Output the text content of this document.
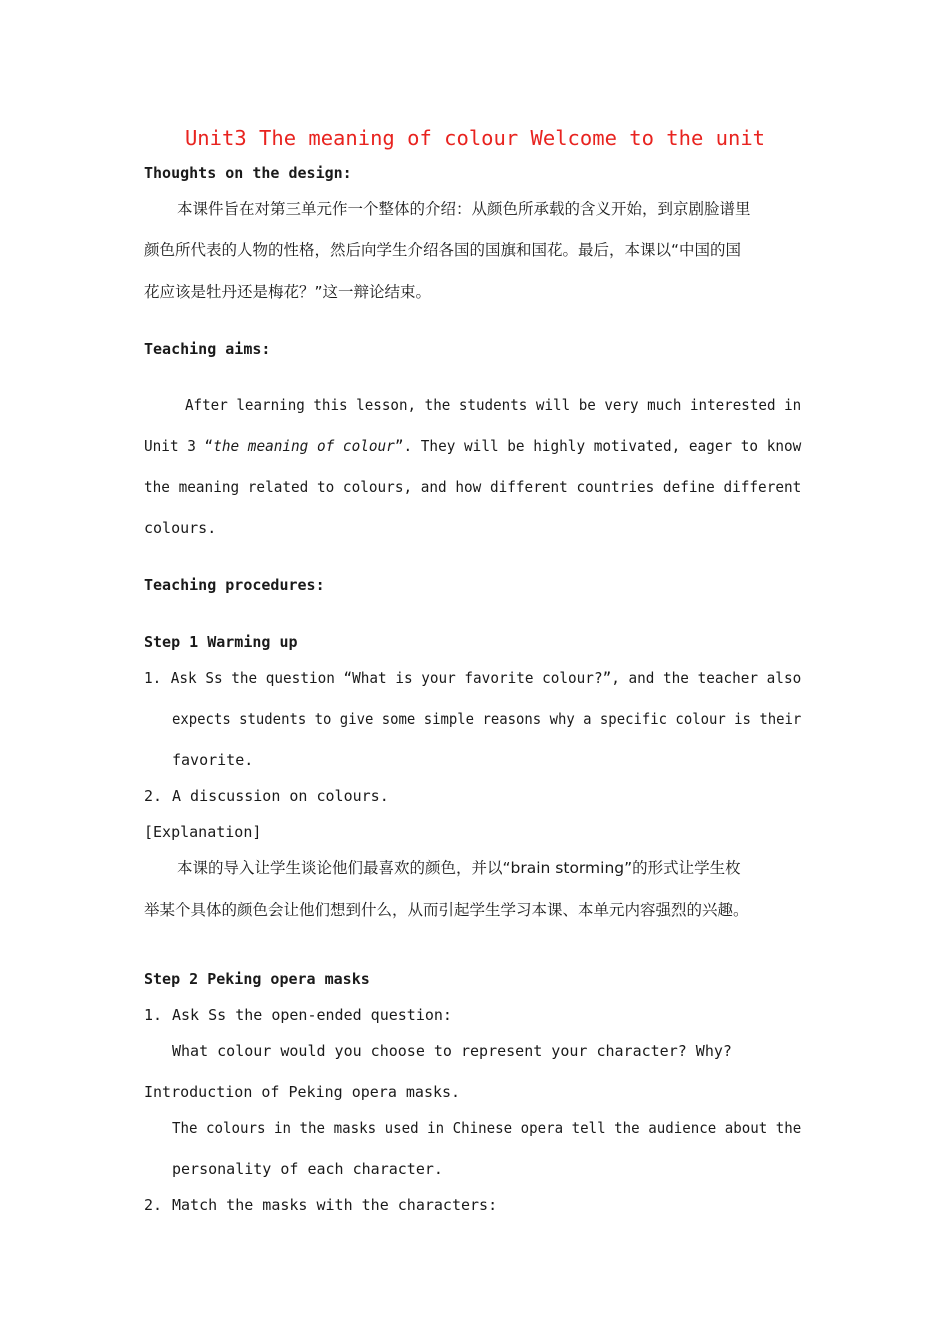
Unit3 The meaning of colour Welcome to the unit
Thoughts on the design:
本课件旨在对第三单元作一个整体的介绍：从颜色所承载的含义开始，到京剧脸谱里
颜色所代表的人物的性格，然后向学生介绍各国的国旗和国花。最后，本课以“中国的国
花应该是牡丹还是梅花？”这一辩论结束。
Teaching aims:
After learning this lesson, the students will be very much interested in
Unit 3 “the meaning of colour”. They will be highly motivated, eager to know
the meaning related to colours, and how different countries define different
colours.
Teaching procedures:
Step 1 Warming up
1. Ask Ss the question “What is your favorite colour?”, and the teacher also
expects students to give some simple reasons why a specific colour is their
favorite.
2. A discussion on colours.
[Explanation]
本课的导入让学生谈论他们最喜欢的颜色，并以“brain storming”的形式让学生枚
举某个具体的颜色会让他们想到什么，从而引起学生学习本课、本单元内容强烈的兴趣。
Step 2 Peking opera masks
1. Ask Ss the open-ended question:
What colour would you choose to represent your character? Why?
Introduction of Peking opera masks.
The colours in the masks used in Chinese opera tell the audience about the
personality of each character.
2. Match the masks with the characters:
